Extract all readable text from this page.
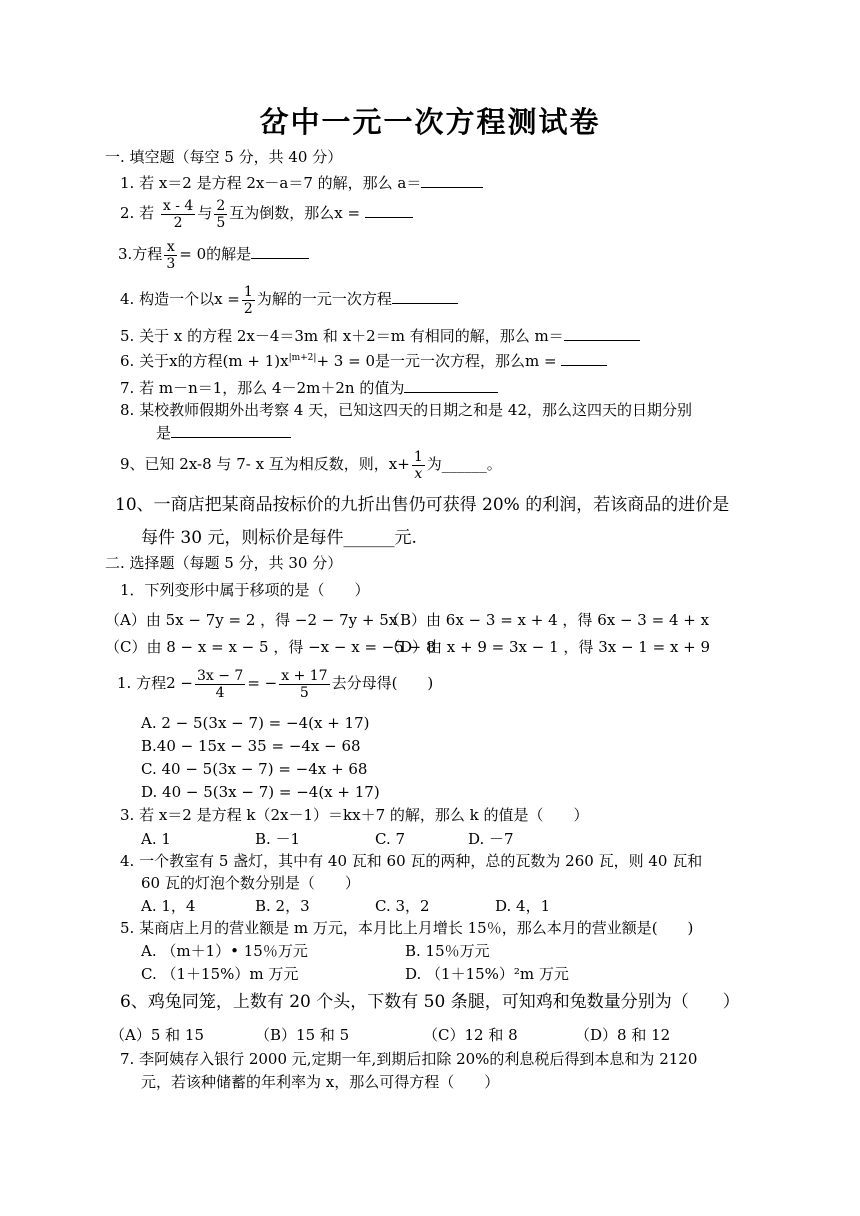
岔中一元一次方程测试卷
一. 填空题（每空 5 分，共 40 分）
1. 若 x＝2 是方程 2x－a＝7 的解，那么 a＝
2. 若 $\frac{x - 4}{2}$ 与 $\frac{2}{5}$ 互为倒数，那么x =
3.方程 $\frac{x}{3} = 0$的解是
4. 构造一个以$x = \frac{1}{2}$ 为解的一元一次方程
5. 关于 x 的方程 2x－4＝3m 和 x＋2＝m 有相同的解，那么 m＝
6. 关于x的方程$(m + 1)x^{|m+2|}+ 3 = 0$是一元一次方程，那么m =
7. 若 m－n＝1，那么 4－2m＋2n 的值为
8. 某校教师假期外出考察 4 天，已知这四天的日期之和是 42，那么这四天的日期分别
是
9、已知 2x-8 与 7- x 互为相反数，则，$x+ \frac{1}{x}$ 为______。
10、一商店把某商品按标价的九折出售仍可获得 20% 的利润，若该商品的进价是
每件 30 元，则标价是每件______元.
二. 选择题（每题 5 分，共 30 分）
1．下列变形中属于移项的是（　　）
（A）由 5x − 7y = 2 ，得 −2 − 7y + 5x
（B）由 6x − 3 = x + 4 ，得 6x − 3 = 4 + x
（C）由 8 − x = x − 5 ，得 −x − x = −5 − 8
（D）由 x + 9 = 3x − 1 ，得 3x − 1 = x + 9
1. 方程$2 - \frac{3x - 7}{4}$ = − $\frac{x + 17}{5}$ 去分母得(　　)
A. 2 − 5(3x − 7) = −4(x + 17)
B.40 − 15x − 35 = −4x − 68
C. 40 − 5(3x − 7) = −4x + 68
D. 40 − 5(3x − 7) = −4(x + 17)
3. 若 x＝2 是方程 k（2x－1）＝kx＋7 的解，那么 k 的值是（　　）
A. 1	B. －1	C. 7	D. －7
4. 一个教室有 5 盏灯，其中有 40 瓦和 60 瓦的两种，总的瓦数为 260 瓦，则 40 瓦和
60 瓦的灯泡个数分别是（　　）
A. 1，4	B. 2，3	C. 3，2	D. 4，1
5. 某商店上月的营业额是 m 万元，本月比上月增长 15％，那么本月的营业额是(　　)
A. （m＋1）• 15％万元	B. 15％万元
C. （1＋15%）m 万元	D. （1＋15%）²m 万元
6、鸡兔同笼，上数有 20 个头，下数有 50 条腿，可知鸡和兔数量分别为（　　）
（A）5 和 15	（B）15 和 5	（C）12 和 8	（D）8 和 12
7. 李阿姨存入银行 2000 元,定期一年,到期后扣除 20%的利息税后得到本息和为 2120
元，若该种储蓄的年利率为 x，那么可得方程（　　）
